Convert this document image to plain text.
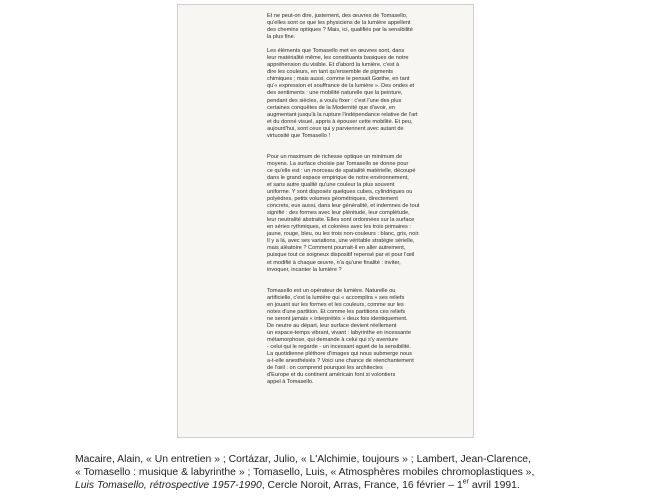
Et ne peut-on dire, justement, des œuvres de Tomasello,
qu'elles sont ce que les physiciens de la lumière appellent
des chemins optiques ? Mais, ici, qualifiés par la sensibilité
la plus fine.
Les éléments que Tomasello met en œuvres sont, dans
leur matérialité même, les constituants basiques de notre
appréhension du visible. Et d'abord la lumière, c'est à
dire les couleurs, en tant qu'ensemble de pigments
chimiques ; mais aussi, comme le pensait Gœthe, en tant
qu'« expression et souffrance de la lumière ». Des ondes et
des sentiments : une mobilité naturelle que la peinture,
pendant des siècles, a voulu fixer : c'est l'une des plus
certaines conquêtes de la Modernité que d'avoir, en
augmentant jusqu'à la rupture l'indépendance relative de l'art
et du donné visuel, appris à épouser cette mobilité. Et peu,
aujourd'hui, sont ceux qui y parviennent avec autant de
virtuosité que Tomasello !
Pour un maximum de richesse optique un minimum de
moyens. La surface choisie par Tomasello se donne pour
ce qu'elle est : un morceau de spatialité matérielle, découpé
dans le grand espace empirique de notre environnement,
et sans autre qualité qu'une couleur la plus souvent
uniforme. Y sont disposés quelques cubes, cylindriques ou
polyèdres, petits volumes géométriques, directement
concrets, eux aussi, dans leur généralité, et indemnes de tout
signifié : des formes avec leur plénitude, leur complétude,
leur neutralité abstraite. Elles sont ordonnées sur la surface
en séries rythmiques, et colorées avec les trois primaires :
jaune, rouge, bleu, ou les trois non-couleurs : blanc, gris, noir.
Il y a là, avec ses variations, une véritable stratégie sérielle,
mais aléatoire ? Comment pourrait-il en aller autrement,
puisque tout ce soigneux dispositif repensé par et pour l'œil
et modifié à chaque œuvre, n'a qu'une finalité : inviter,
invoquer, incanter la lumière ?
Tomasello est un opérateur de lumière. Naturelle ou
artificielle, c'est la lumière qui « accomplira » ses reliefs
en jouant sur les formes et les couleurs, comme sur les
notes d'une partition. Et comme les partitions ces reliefs
ne seront jamais « interprétés » deux fois identiquement.
De neutre au départ, leur surface devient réellement
un espace-temps vibrant, vivant : labyrinthe en incessante
métamorphose, qui demande à celui qui s'y aventure
- celui qui le regarde - un incessant aguet de la sensibilité.
La quotidienne pléthore d'images qui nous submerge nous
a-t-elle anesthésiés ? Voici une chance de réenchantement
de l'œil : on comprend pourquoi les architectes
d'Europe et du continent américain font si volontiers
appel à Tomasello.
Macaire, Alain, « Un entretien » ; Cortázar, Julio, « L'Alchimie, toujours » ; Lambert, Jean-Clarence,
« Tomasello : musique & labyrinthe » ; Tomasello, Luis, « Atmosphères mobiles chromoplastiques »,
Luis Tomasello, rétrospective 1957-1990, Cercle Noroit, Arras, France, 16 février – 1er avril 1991.
